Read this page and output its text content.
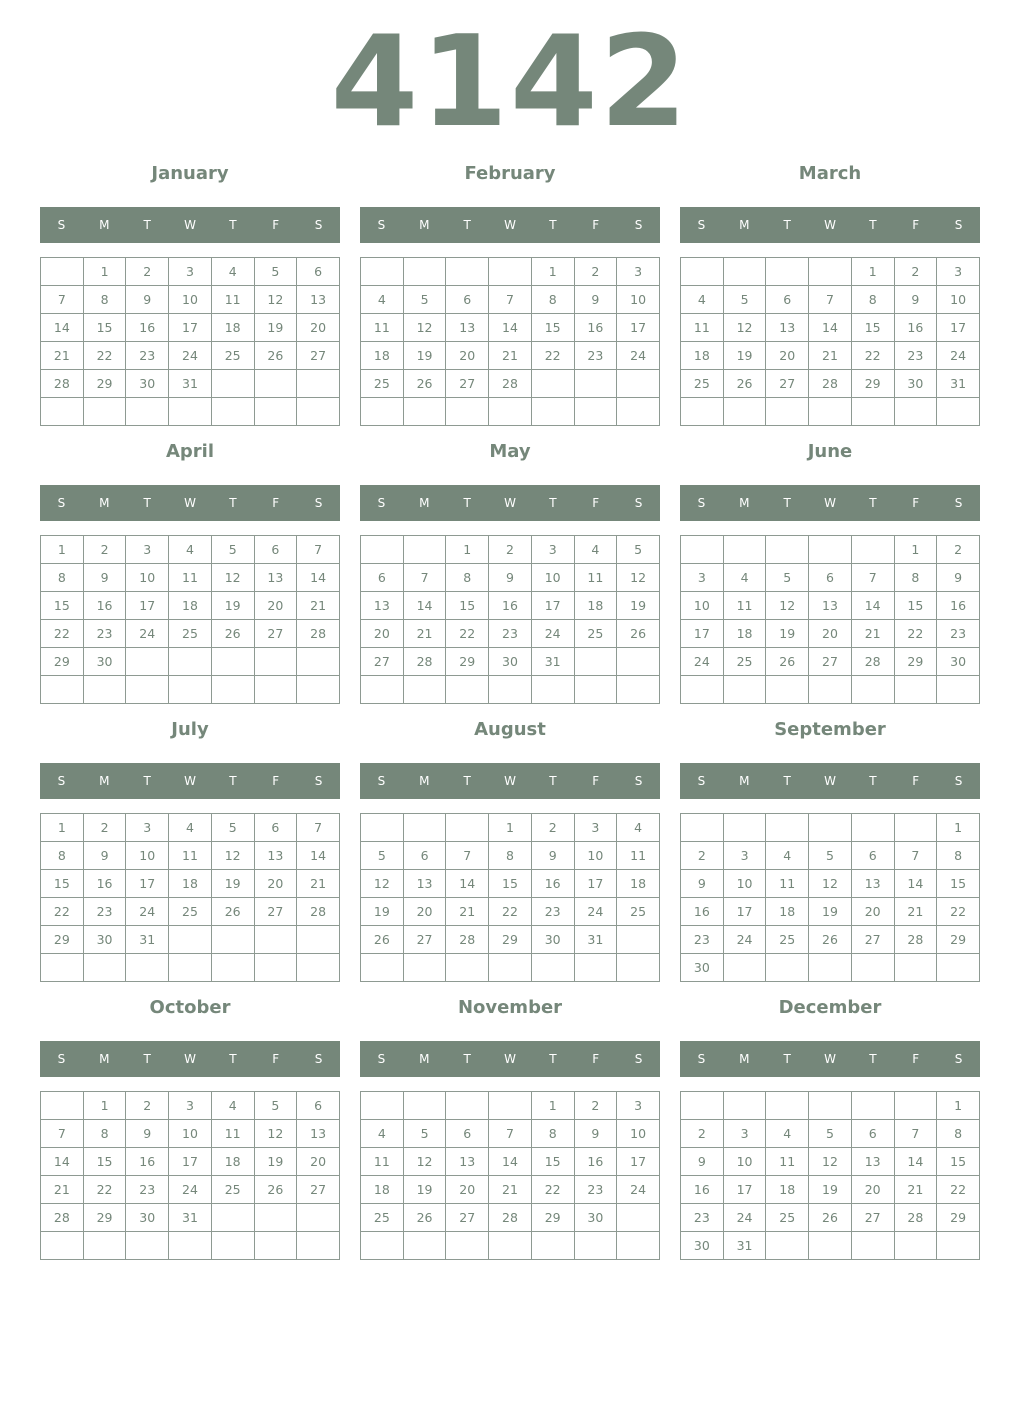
4142
January
S	M	T	W	T	F	S
	1	2	3	4	5	6
7	8	9	10	11	12	13
14	15	16	17	18	19	20
21	22	23	24	25	26	27
28	29	30	31			

February
S	M	T	W	T	F	S
				1	2	3
4	5	6	7	8	9	10
11	12	13	14	15	16	17
18	19	20	21	22	23	24
25	26	27	28			

March
S	M	T	W	T	F	S
				1	2	3
4	5	6	7	8	9	10
11	12	13	14	15	16	17
18	19	20	21	22	23	24
25	26	27	28	29	30	31

April
S	M	T	W	T	F	S
1	2	3	4	5	6	7
8	9	10	11	12	13	14
15	16	17	18	19	20	21
22	23	24	25	26	27	28
29	30					

May
S	M	T	W	T	F	S
		1	2	3	4	5
6	7	8	9	10	11	12
13	14	15	16	17	18	19
20	21	22	23	24	25	26
27	28	29	30	31		

June
S	M	T	W	T	F	S
					1	2
3	4	5	6	7	8	9
10	11	12	13	14	15	16
17	18	19	20	21	22	23
24	25	26	27	28	29	30

July
S	M	T	W	T	F	S
1	2	3	4	5	6	7
8	9	10	11	12	13	14
15	16	17	18	19	20	21
22	23	24	25	26	27	28
29	30	31				

August
S	M	T	W	T	F	S
			1	2	3	4
5	6	7	8	9	10	11
12	13	14	15	16	17	18
19	20	21	22	23	24	25
26	27	28	29	30	31	

September
S	M	T	W	T	F	S
						1
2	3	4	5	6	7	8
9	10	11	12	13	14	15
16	17	18	19	20	21	22
23	24	25	26	27	28	29
30						
October
S	M	T	W	T	F	S
	1	2	3	4	5	6
7	8	9	10	11	12	13
14	15	16	17	18	19	20
21	22	23	24	25	26	27
28	29	30	31			

November
S	M	T	W	T	F	S
				1	2	3
4	5	6	7	8	9	10
11	12	13	14	15	16	17
18	19	20	21	22	23	24
25	26	27	28	29	30	

December
S	M	T	W	T	F	S
						1
2	3	4	5	6	7	8
9	10	11	12	13	14	15
16	17	18	19	20	21	22
23	24	25	26	27	28	29
30	31					
